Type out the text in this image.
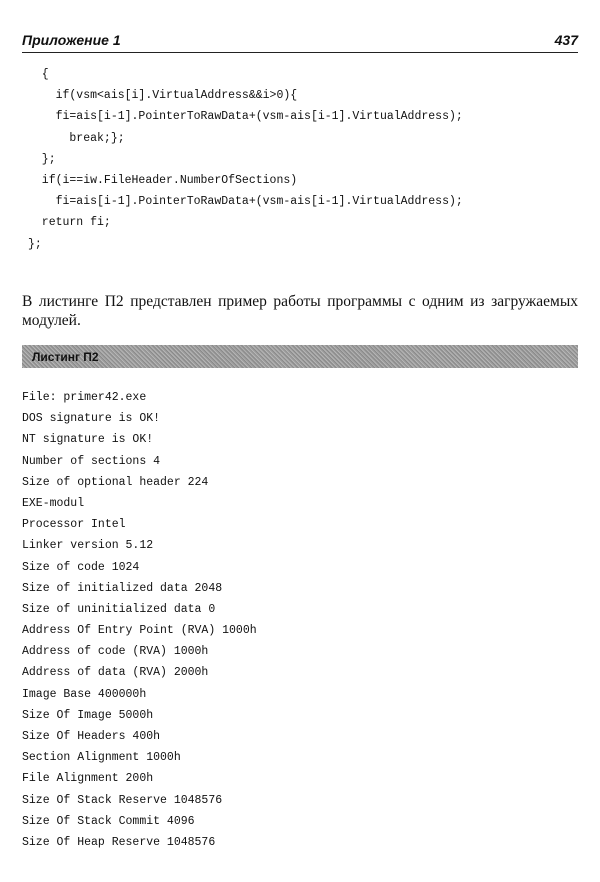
Приложение 1	437
{
if(vsm<ais[i].VirtualAddress&&i>0){
fi=ais[i-1].PointerToRawData+(vsm-ais[i-1].VirtualAddress);
break;};
};
if(i==iw.FileHeader.NumberOfSections)
fi=ais[i-1].PointerToRawData+(vsm-ais[i-1].VirtualAddress);
return fi;
};
В листинге П2 представлен пример работы программы с одним из загружаемых модулей.
Листинг П2
File: primer42.exe
DOS signature is OK!
NT signature is OK!
Number of sections 4
Size of optional header 224
EXE-modul
Processor Intel
Linker version 5.12
Size of code 1024
Size of initialized data 2048
Size of uninitialized data 0
Address Of Entry Point (RVA) 1000h
Address of code (RVA) 1000h
Address of data (RVA) 2000h
Image Base 400000h
Size Of Image 5000h
Size Of Headers 400h
Section Alignment 1000h
File Alignment 200h
Size Of Stack Reserve 1048576
Size Of Stack Commit 4096
Size Of Heap Reserve 1048576
